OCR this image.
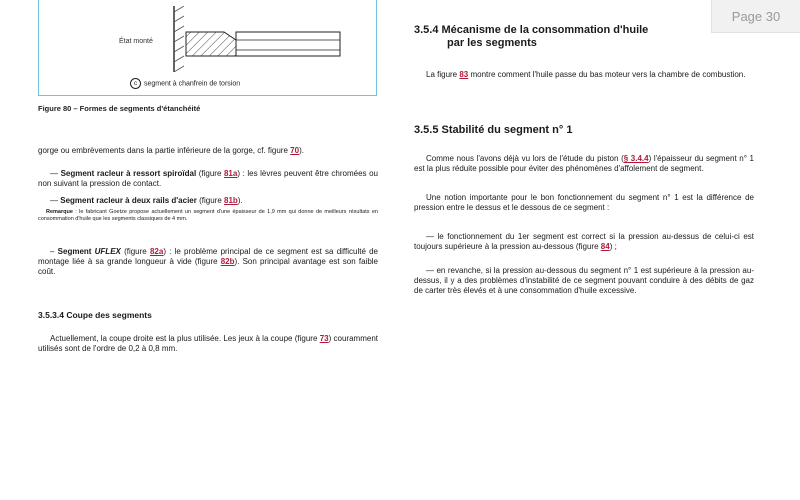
État monté
c segment à chanfrein de torsion
Figure 80 – Formes de segments d'étanchéité

gorge ou embrèvements dans la partie inférieure de la gorge, cf. figure 70).

— Segment racleur à ressort spiroïdal (figure 81a) : les lèvres peuvent être chromées ou non suivant la pression de contact.

— Segment racleur à deux rails d'acier (figure 81b).

Remarque : le fabricant Goetze propose actuellement un segment d'une épaisseur de 1,9 mm qui donne de meilleurs résultats en consommation d'huile que les segments classiques de 4 mm.

– Segment UFLEX (figure 82a) : le problème principal de ce segment est sa difficulté de montage liée à sa grande longueur à vide (figure 82b). Son principal avantage est son faible coût.

3.5.3.4 Coupe des segments

Actuellement, la coupe droite est la plus utilisée. Les jeux à la coupe (figure 73) couramment utilisés sont de l'ordre de 0,2 à 0,8 mm.

3.5.4 Mécanisme de la consommation d'huile
par les segments

La figure 83 montre comment l'huile passe du bas moteur vers la chambre de combustion.

3.5.5 Stabilité du segment n° 1

Comme nous l'avons déjà vu lors de l'étude du piston (§ 3.4.4) l'épaisseur du segment n° 1 est la plus réduite possible pour éviter des phénomènes d'affolement de segment.

Une notion importante pour le bon fonctionnement du segment n° 1 est la différence de pression entre le dessus et le dessous de ce segment :

— le fonctionnement du 1er segment est correct si la pression au-dessus de celui-ci est toujours supérieure à la pression au-dessous (figure 84) ;

— en revanche, si la pression au-dessous du segment n° 1 est supérieure à la pression au-dessus, il y a des problèmes d'instabilité de ce segment pouvant conduire à des débits de gaz de carter très élevés et à une consommation d'huile excessive.
Page 30
